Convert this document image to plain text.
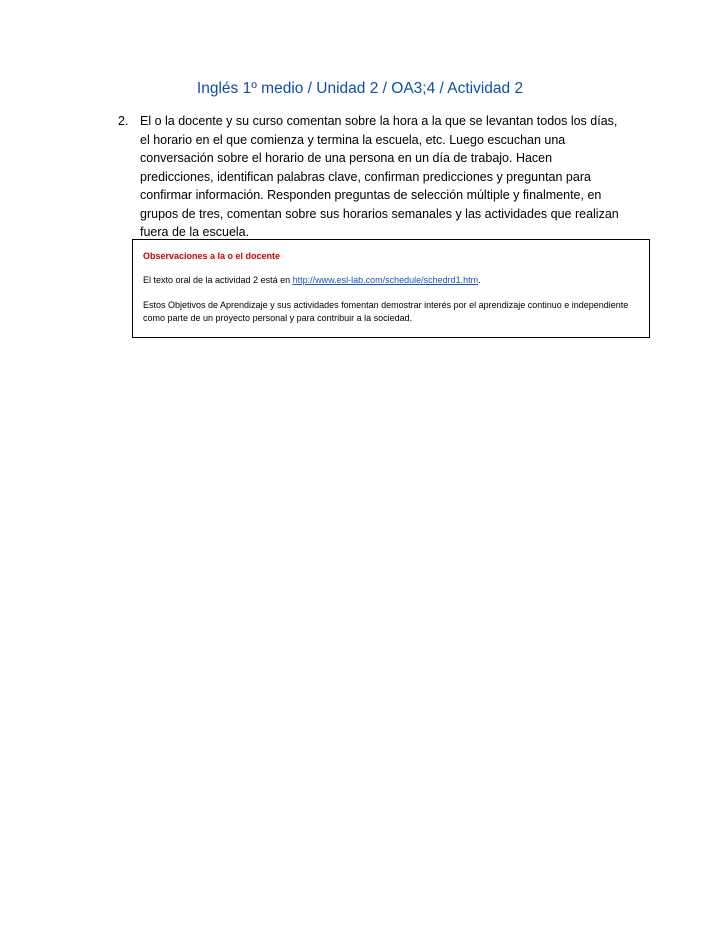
Inglés 1º medio / Unidad 2 / OA3;4 / Actividad 2
2. El o la docente y su curso comentan sobre la hora a la que se levantan todos los días, el horario en el que comienza y termina la escuela, etc. Luego escuchan una conversación sobre el horario de una persona en un día de trabajo. Hacen predicciones, identifican palabras clave, confirman predicciones y preguntan para confirmar información. Responden preguntas de selección múltiple y finalmente, en grupos de tres, comentan sobre sus horarios semanales y las actividades que realizan fuera de la escuela.
Observaciones a la o el docente
El texto oral de la actividad 2 está en http://www.esl-lab.com/schedule/schedrd1.htm.
Estos Objetivos de Aprendizaje y sus actividades fomentan demostrar interés por el aprendizaje continuo e independiente como parte de un proyecto personal y para contribuir a la sociedad.
